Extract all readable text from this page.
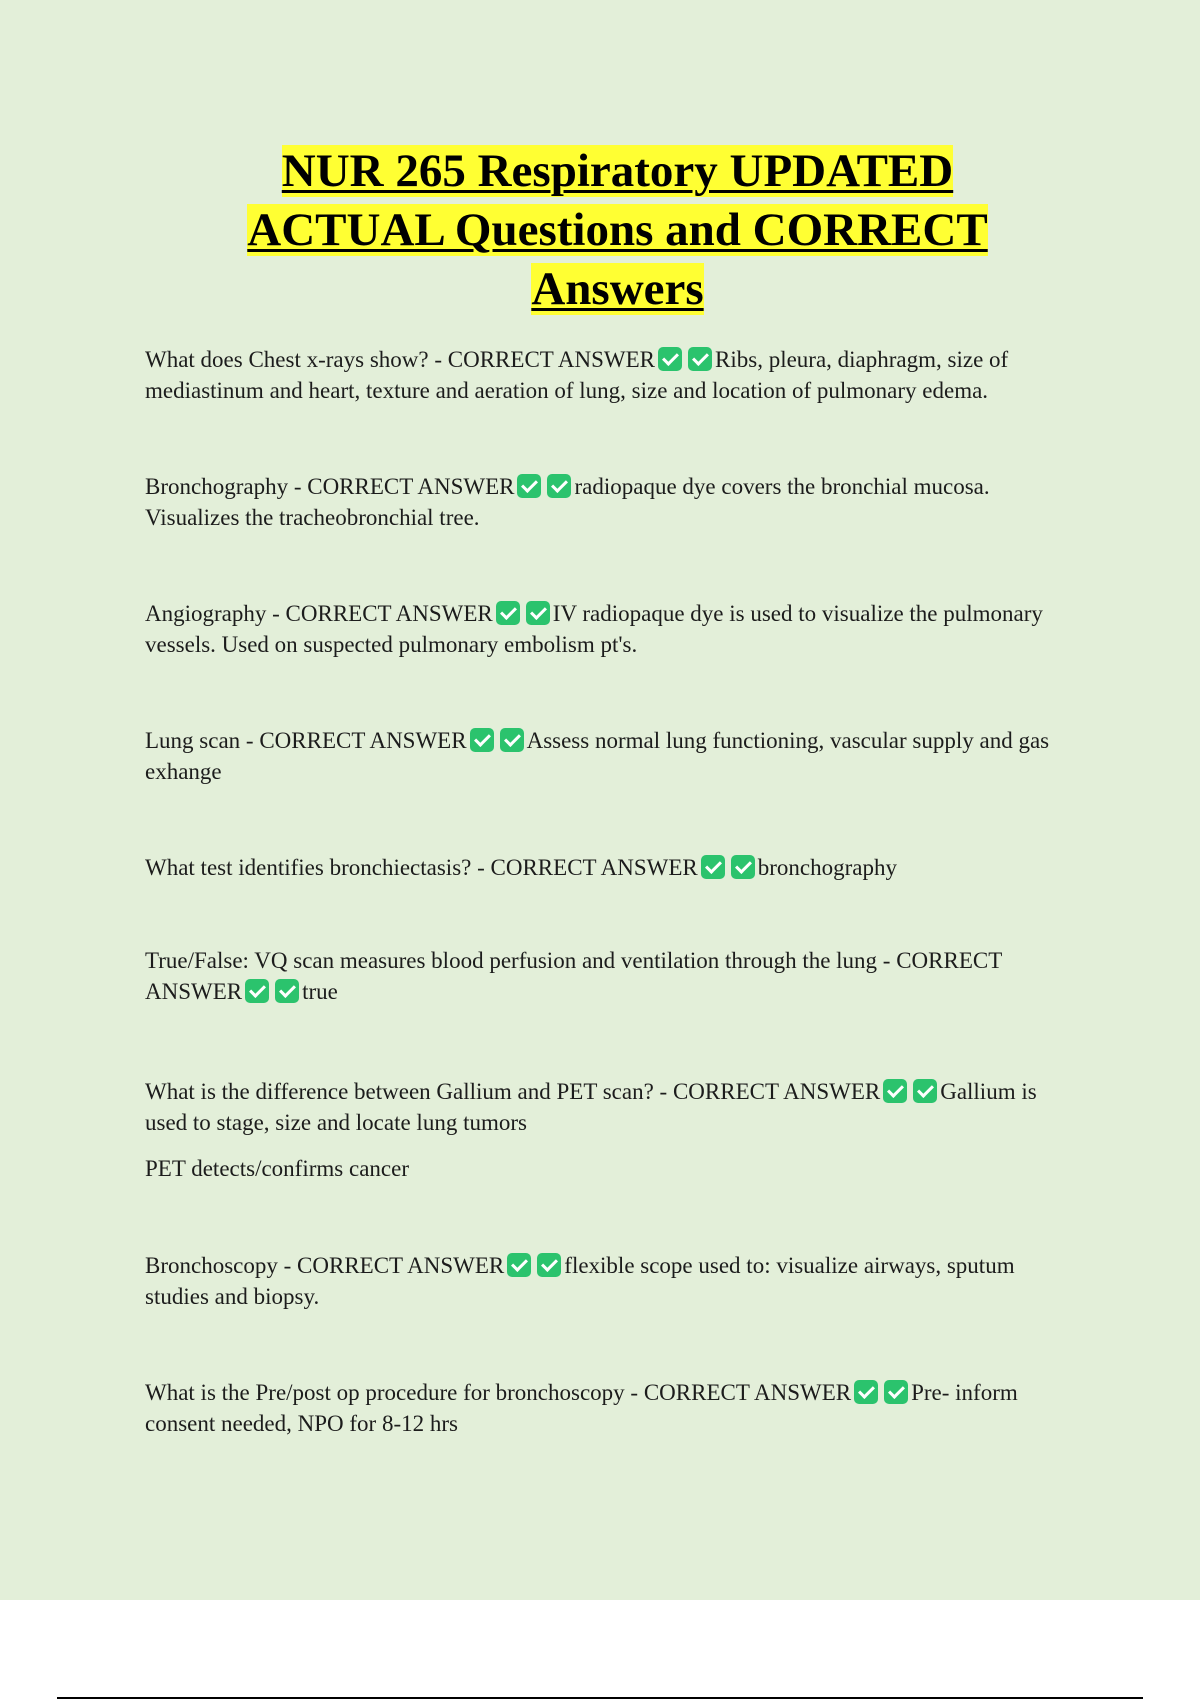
NUR 265 Respiratory UPDATED
ACTUAL Questions and CORRECT
Answers

What does Chest x-rays show? - CORRECT ANSWER	Ribs, pleura, diaphragm, size of mediastinum and heart, texture and aeration of lung, size and location of pulmonary edema.

Bronchography - CORRECT ANSWER	radiopaque dye covers the bronchial mucosa. Visualizes the tracheobronchial tree.

Angiography - CORRECT ANSWER	IV radiopaque dye is used to visualize the pulmonary vessels. Used on suspected pulmonary embolism pt's.

Lung scan - CORRECT ANSWER	Assess normal lung functioning, vascular supply and gas exhange

What test identifies bronchiectasis? - CORRECT ANSWER	bronchography

True/False: VQ scan measures blood perfusion and ventilation through the lung - CORRECT ANSWER	true

What is the difference between Gallium and PET scan? - CORRECT ANSWER	Gallium is used to stage, size and locate lung tumors

PET detects/confirms cancer

Bronchoscopy - CORRECT ANSWER	flexible scope used to: visualize airways, sputum studies and biopsy.

What is the Pre/post op procedure for bronchoscopy - CORRECT ANSWER	Pre- inform consent needed, NPO for 8-12 hrs
